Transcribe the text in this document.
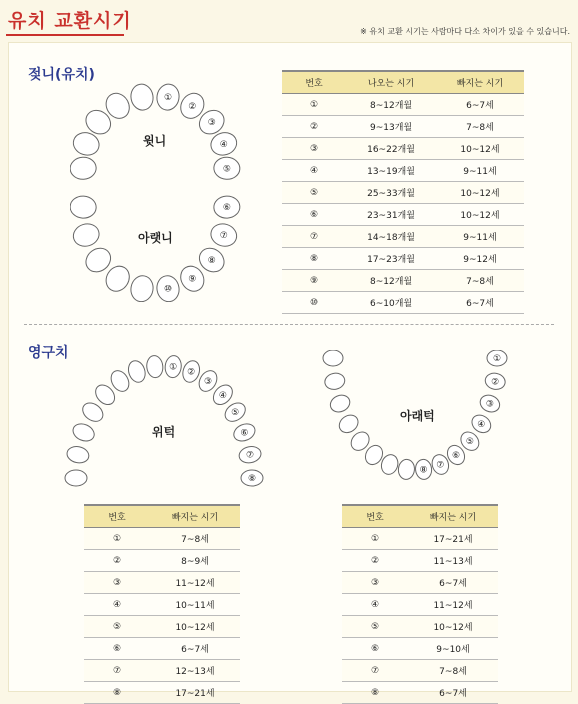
유치 교환시기	※ 유치 교환 시기는 사람마다 다소 차이가 있을 수 있습니다.
젖니(유치)
①
②
③
④
⑤
⑩
⑨
⑧
⑦
⑥
윗니
아랫니
번호	나오는 시기	빠지는 시기
①	8~12개월	6~7세
②	9~13개월	7~8세
③	16~22개월	10~12세
④	13~19개월	9~11세
⑤	25~33개월	10~12세
⑥	23~31개월	10~12세
⑦	14~18개월	9~11세
⑧	17~23개월	9~12세
⑨	8~12개월	7~8세
⑩	6~10개월	6~7세
영구치
① ②
③
④
⑤
⑥
⑦
⑧
위턱
⑧ ⑦
⑥
⑤
④
③
②
①
아래턱
번호	빠지는 시기
①	7~8세
②	8~9세
③	11~12세
④	10~11세
⑤	10~12세
⑥	6~7세
⑦	12~13세
⑧	17~21세
번호	빠지는 시기
①	17~21세
②	11~13세
③	6~7세
④	11~12세
⑤	10~12세
⑥	9~10세
⑦	7~8세
⑧	6~7세
